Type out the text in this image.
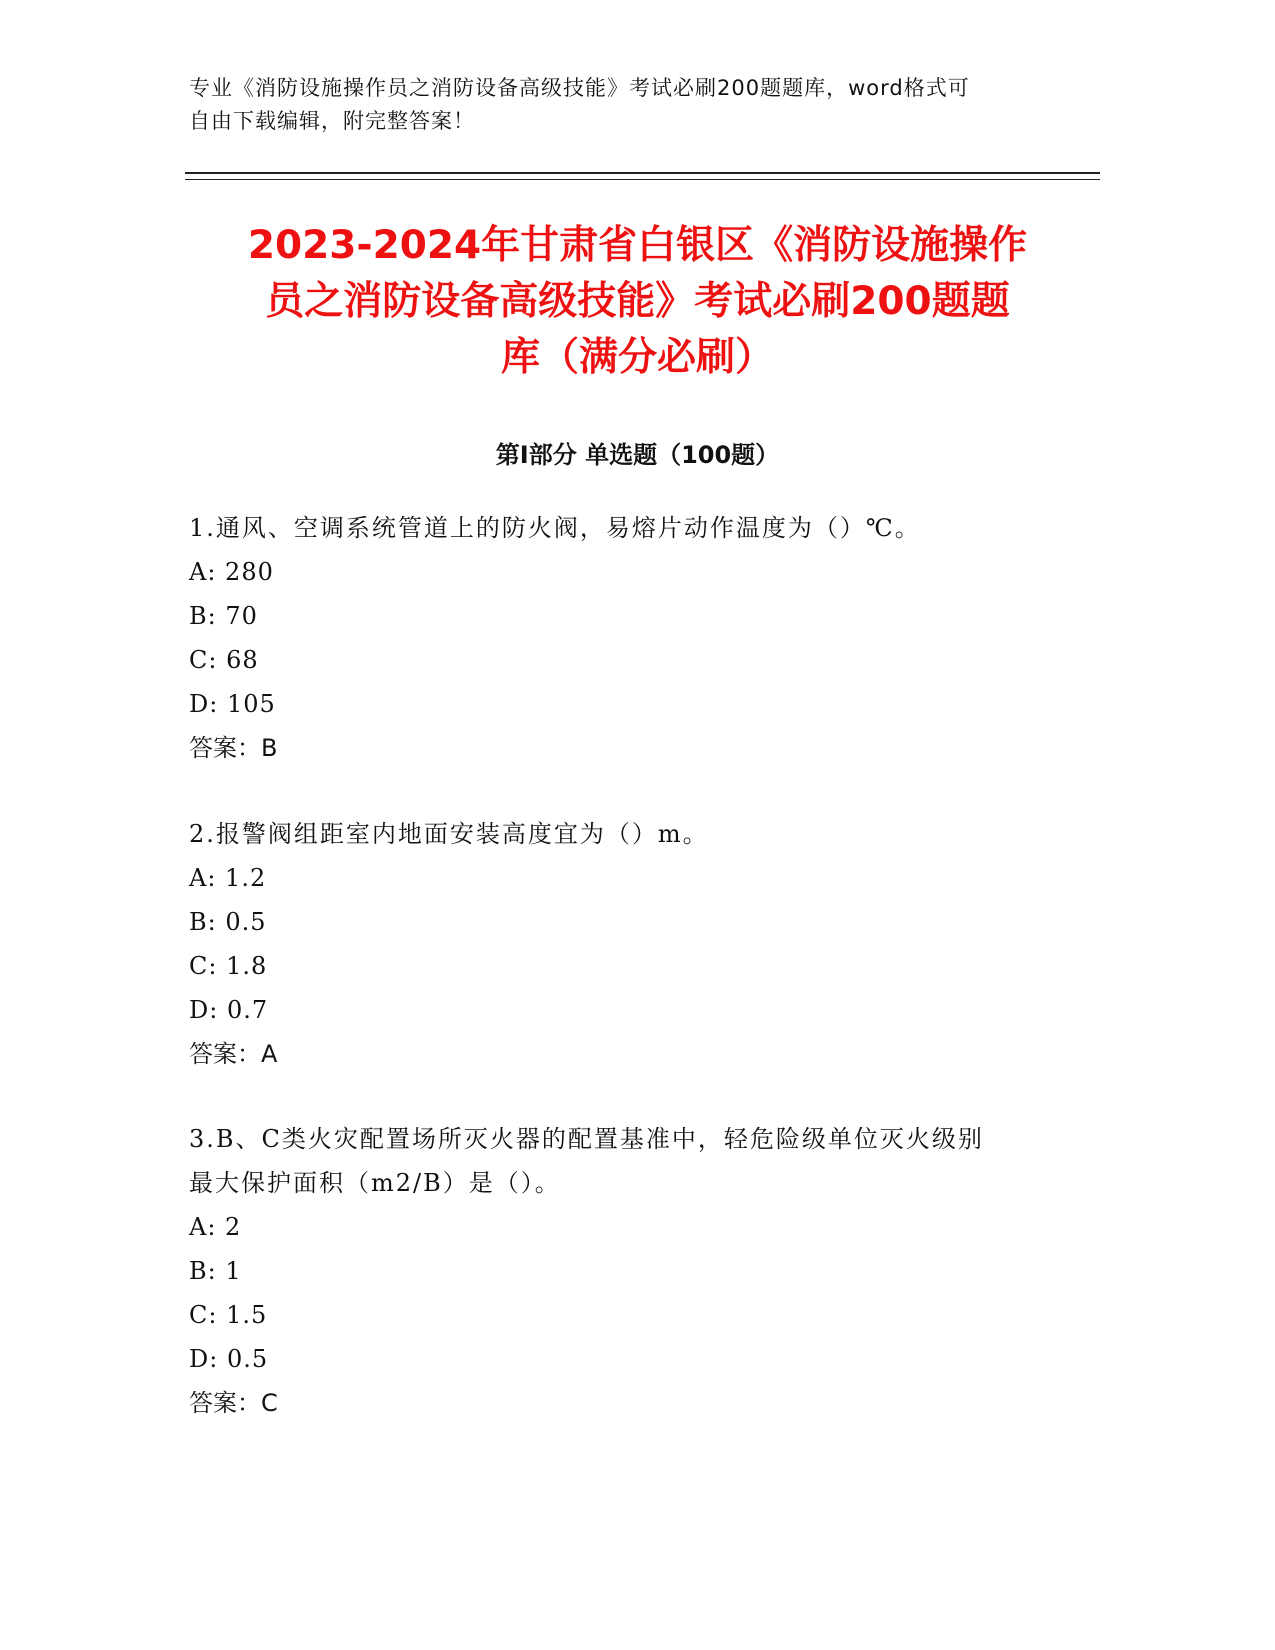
专业《消防设施操作员之消防设备高级技能》考试必刷200题题库，word格式可
自由下载编辑，附完整答案！
2023-2024年甘肃省白银区《消防设施操作
员之消防设备高级技能》考试必刷200题题
库（满分必刷）
第I部分 单选题（100题）
1.通风、空调系统管道上的防火阀，易熔片动作温度为（）℃。
A: 280
B: 70
C: 68
D: 105
答案：B
2.报警阀组距室内地面安装高度宜为（）m。
A: 1.2
B: 0.5
C: 1.8
D: 0.7
答案：A
3.B、C类火灾配置场所灭火器的配置基准中，轻危险级单位灭火级别
最大保护面积（m2/B）是（）。
A: 2
B: 1
C: 1.5
D: 0.5
答案：C
